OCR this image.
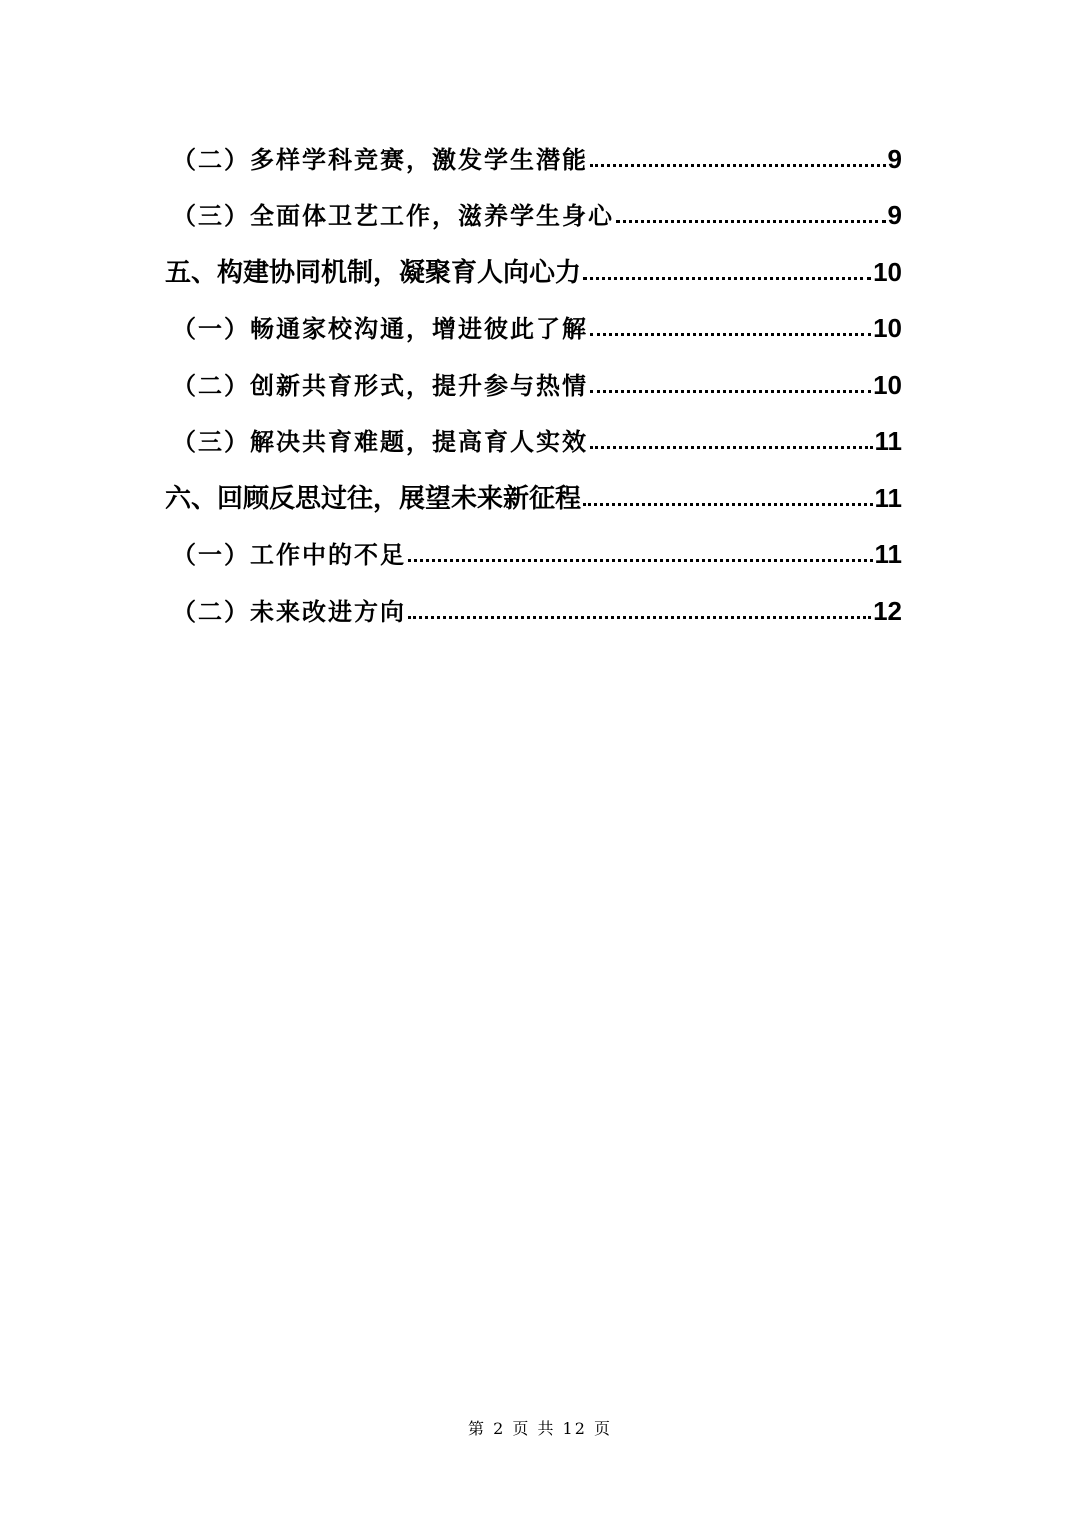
（二）多样学科竞赛，激发学生潜能	9
（三）全面体卫艺工作，滋养学生身心	9
五、构建协同机制，凝聚育人向心力	10
（一）畅通家校沟通，增进彼此了解	10
（二）创新共育形式，提升参与热情	10
（三）解决共育难题，提高育人实效	11
六、回顾反思过往，展望未来新征程	11
（一）工作中的不足	11
（二）未来改进方向	12
第 2 页 共 12 页
